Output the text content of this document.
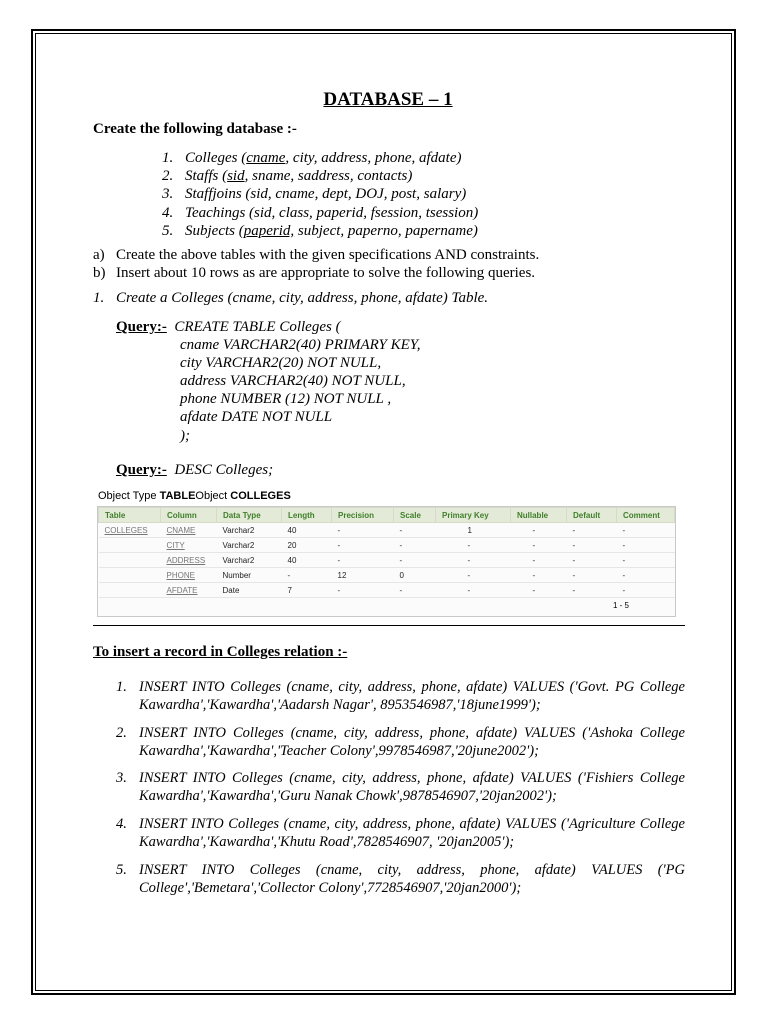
DATABASE – 1
Create the following database :-
1. Colleges (cname, city, address, phone, afdate)
2. Staffs (sid, sname, saddress, contacts)
3. Staffjoins (sid, cname, dept, DOJ, post, salary)
4. Teachings (sid, class, paperid, fsession, tsession)
5. Subjects (paperid, subject, paperno, papername)
a) Create the above tables with the given specifications AND constraints.
b) Insert about 10 rows as are appropriate to solve the following queries.
1. Create a Colleges (cname, city, address, phone, afdate) Table.
Query:- CREATE TABLE Colleges (
cname VARCHAR2(40) PRIMARY KEY,
city VARCHAR2(20) NOT NULL,
address VARCHAR2(40) NOT NULL,
phone NUMBER (12) NOT NULL ,
afdate DATE NOT NULL
);
Query:- DESC Colleges;
Object Type TABLEObject COLLEGES
Table	Column	Data Type	Length	Precision	Scale	Primary Key	Nullable	Default	Comment
COLLEGES	CNAME	Varchar2	40	-	-	1	-	-	-
	CITY	Varchar2	20	-	-	-	-	-	-
	ADDRESS	Varchar2	40	-	-	-	-	-	-
	PHONE	Number	-	12	0	-	-	-	-
	AFDATE	Date	7	-	-	-	-	-	-
1 - 5
To insert a record in Colleges relation :-
1. INSERT INTO Colleges (cname, city, address, phone, afdate) VALUES ('Govt. PG College Kawardha','Kawardha','Aadarsh Nagar', 8953546987,'18june1999');
2. INSERT INTO Colleges (cname, city, address, phone, afdate) VALUES ('Ashoka College Kawardha','Kawardha','Teacher Colony',9978546987,'20june2002');
3. INSERT INTO Colleges (cname, city, address, phone, afdate) VALUES ('Fishiers College Kawardha','Kawardha','Guru Nanak Chowk',9878546907,'20jan2002');
4. INSERT INTO Colleges (cname, city, address, phone, afdate) VALUES ('Agriculture College Kawardha','Kawardha','Khutu Road',7828546907, '20jan2005');
5. INSERT INTO Colleges (cname, city, address, phone, afdate) VALUES ('PG College','Bemetara','Collector Colony',7728546907,'20jan2000');
